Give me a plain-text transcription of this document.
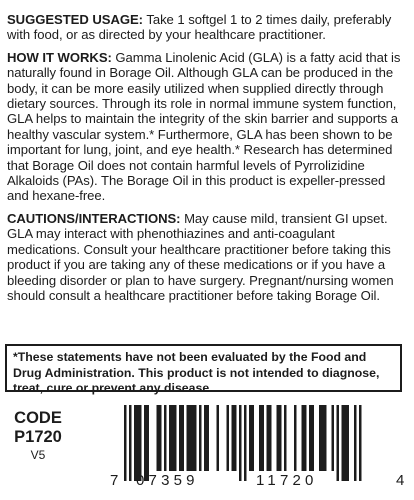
SUGGESTED USAGE: Take 1 softgel 1 to 2 times daily, preferably with food, or as directed by your healthcare practitioner.

HOW IT WORKS: Gamma Linolenic Acid (GLA) is a fatty acid that is naturally found in Borage Oil. Although GLA can be produced in the body, it can be more easily utilized when supplied directly through dietary sources. Through its role in normal immune system function, GLA helps to maintain the integrity of the skin barrier and supports a healthy vascular system.* Furthermore, GLA has been shown to be important for lung, joint, and eye health.* Research has determined that Borage Oil does not contain harmful levels of Pyrrolizidine Alkaloids (PAs). The Borage Oil in this product is expeller-pressed and hexane-free.

CAUTIONS/INTERACTIONS: May cause mild, transient GI upset. GLA may interact with phenothiazines and anti-coagulant medications. Consult your healthcare practitioner before taking this product if you are taking any of these medications or if you have a bleeding disorder or plan to have surgery. Pregnant/nursing women should consult a healthcare practitioner before taking Borage Oil.

*These statements have not been evaluated by the Food and Drug Administration. This product is not intended to diagnose, treat, cure or prevent any disease.
CODE
P1720
V5
7 07359	11720	4
